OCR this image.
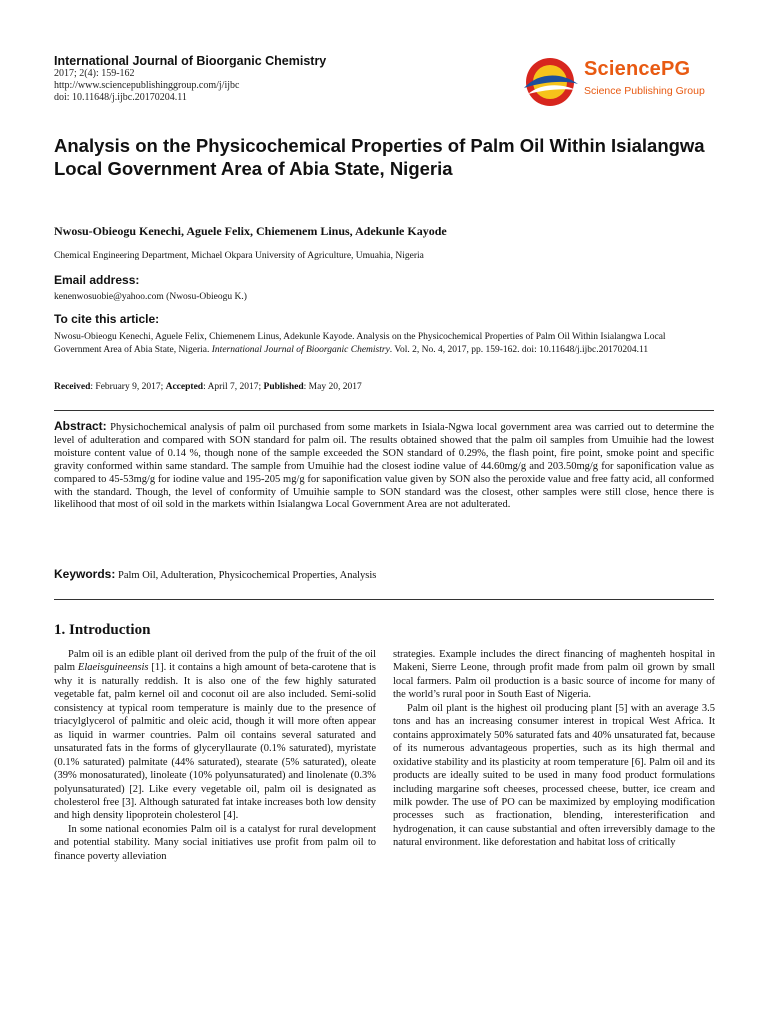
International Journal of Bioorganic Chemistry
2017; 2(4): 159-162
http://www.sciencepublishinggroup.com/j/ijbc
doi: 10.11648/j.ijbc.20170204.11
SciencePG
Science Publishing Group
Analysis on the Physicochemical Properties of Palm Oil Within Isialangwa Local Government Area of Abia State, Nigeria
Nwosu-Obieogu Kenechi, Aguele Felix, Chiemenem Linus, Adekunle Kayode
Chemical Engineering Department, Michael Okpara University of Agriculture, Umuahia, Nigeria
Email address:
kenenwosuobie@yahoo.com (Nwosu-Obieogu K.)
To cite this article:
Nwosu-Obieogu Kenechi, Aguele Felix, Chiemenem Linus, Adekunle Kayode. Analysis on the Physicochemical Properties of Palm Oil Within Isialangwa Local Government Area of Abia State, Nigeria. International Journal of Bioorganic Chemistry. Vol. 2, No. 4, 2017, pp. 159-162. doi: 10.11648/j.ijbc.20170204.11
Received: February 9, 2017; Accepted: April 7, 2017; Published: May 20, 2017
Abstract: Physichochemical analysis of palm oil purchased from some markets in Isiala-Ngwa local government area was carried out to determine the level of adulteration and compared with SON standard for palm oil. The results obtained showed that the palm oil samples from Umuihie had the lowest moisture content value of 0.14 %, though none of the sample exceeded the SON standard of 0.29%, the flash point, fire point, smoke point and specific gravity conformed within same standard. The sample from Umuihie had the closest iodine value of 44.60mg/g and 203.50mg/g for saponification value as compared to 45-53mg/g for iodine value and 195-205 mg/g for saponification value given by SON also the peroxide value and free fatty acid, all conformed with the standard. Though, the level of conformity of Umuihie sample to SON standard was the closest, other samples were still close, hence there is likelihood that most of oil sold in the markets within Isialangwa Local Government Area are not adulterated.
Keywords: Palm Oil, Adulteration, Physicochemical Properties, Analysis
1. Introduction

Palm oil is an edible plant oil derived from the pulp of the fruit of the oil palm Elaeisguineensis [1]. it contains a high amount of beta-carotene that is why it is naturally reddish. It is also one of the few highly saturated vegetable fat, palm kernel oil and coconut oil are also included. Semi-solid consistency at typical room temperature is mainly due to the presence of triacylglycerol of palmitic and oleic acid, though it will more often appear as liquid in warmer countries. Palm oil contains several saturated and unsaturated fats in the forms of glyceryllaurate (0.1% saturated), myristate (0.1% saturated) palmitate (44% saturated), stearate (5% saturated), oleate (39% monosaturated), linoleate (10% polyunsaturated) and linolenate (0.3% polyunsaturated) [2]. Like every vegetable oil, palm oil is designated as cholesterol free [3]. Although saturated fat intake increases both low density and high density lipoprotein cholesterol [4].

In some national economies Palm oil is a catalyst for rural development and potential stability. Many social initiatives use profit from palm oil to finance poverty alleviation

strategies. Example includes the direct financing of maghenteh hospital in Makeni, Sierre Leone, through profit made from palm oil grown by small local farmers. Palm oil production is a basic source of income for many of the world’s rural poor in South East of Nigeria.

Palm oil plant is the highest oil producing plant [5] with an average 3.5 tons and has an increasing consumer interest in tropical West Africa. It contains approximately 50% saturated fats and 40% unsaturated fat, because of its numerous advantageous properties, such as its high thermal and oxidative stability and its plasticity at room temperature [6]. Palm oil and its products are ideally suited to be used in many food product formulations including margarine soft cheeses, processed cheese, butter, ice cream and milk powder. The use of PO can be maximized by employing modification processes such as fractionation, blending, interesterification and hydrogenation, it can cause substantial and often irreversibly damage to the natural environment. like deforestation and habitat loss of critically
